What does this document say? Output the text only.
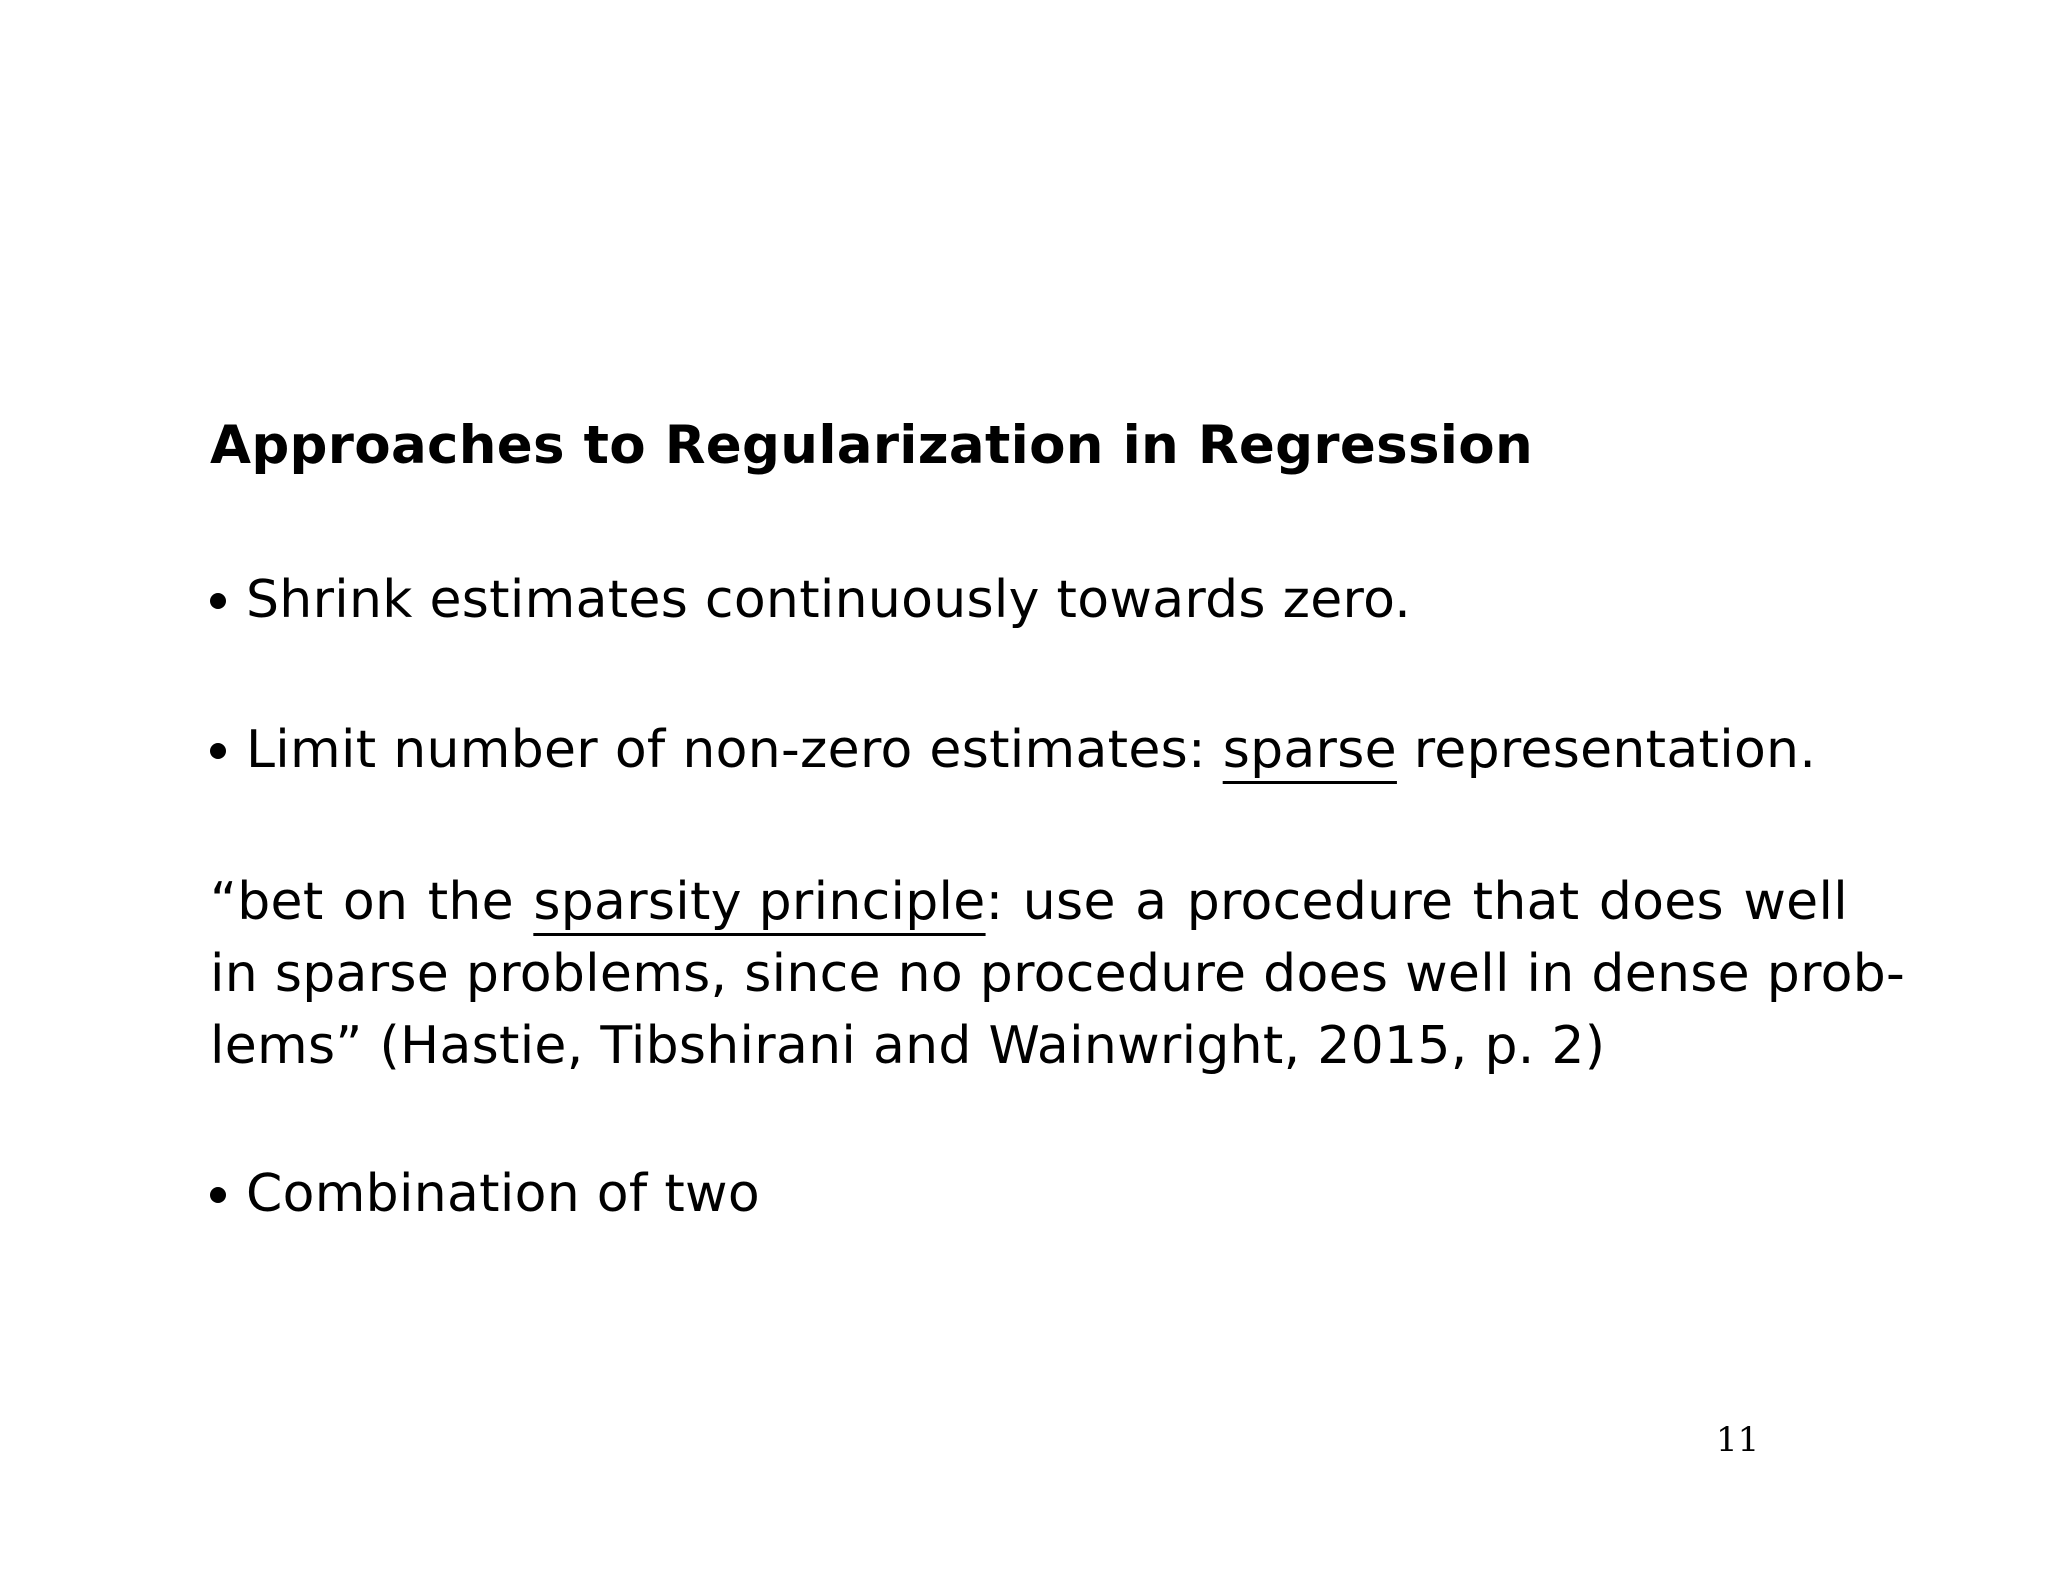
Approaches to Regularization in Regression
Shrink estimates continuously towards zero.
Limit number of non-zero estimates: sparse representation.
“bet on the sparsity principle: use a procedure that does well
in sparse problems, since no procedure does well in dense prob-
lems” (Hastie, Tibshirani and Wainwright, 2015, p. 2)
Combination of two
11
